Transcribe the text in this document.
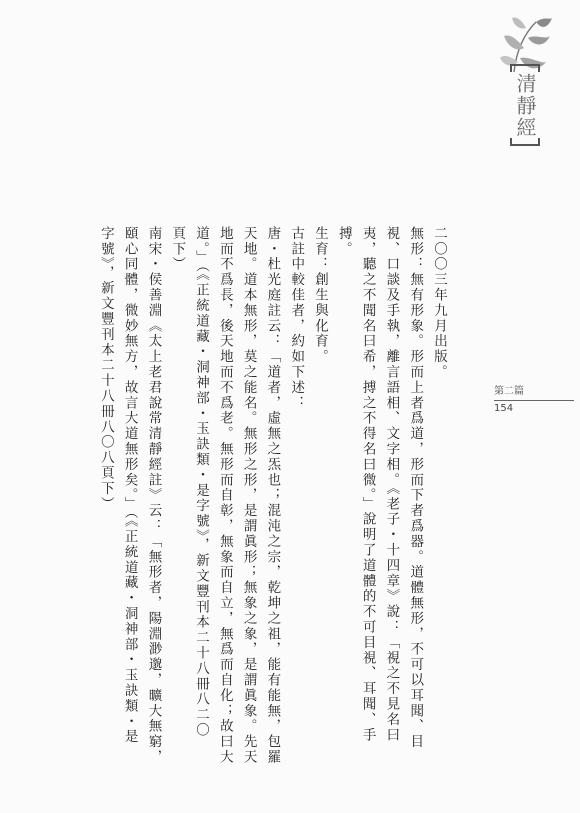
清靜經
第二篇
154
二〇〇三年九月出版。
無形：無有形象。形而上者爲道，形而下者爲器。道體無形，不可以耳聞、目
視、口談及手執，離言語相、文字相。《老子・十四章》說：「視之不見名曰
夷，聽之不聞名曰希，搏之不得名曰微。」說明了道體的不可目視、耳聞、手
搏。
生育：創生與化育。
古註中較佳者，約如下述：
唐・杜光庭註云：「道者，虛無之炁也；混沌之宗，乾坤之祖，能有能無，包羅
天地。道本無形，莫之能名。無形之形，是謂眞形；無象之象，是謂眞象。先天
地而不爲長，後天地而不爲老。無形而自彰，無象而自立，無爲而自化；故曰大
道。」（《正統道藏・洞神部・玉訣類・是字號》，新文豐刊本二十八冊八二〇
頁下）
南宋・侯善淵《太上老君說常清靜經註》云：「無形者，陽淵渺邈，曠大無窮，
頤心同體，微妙無方，故言大道無形矣。」（《正統道藏・洞神部・玉訣類・是
字號》，新文豐刊本二十八冊八〇八頁下）
